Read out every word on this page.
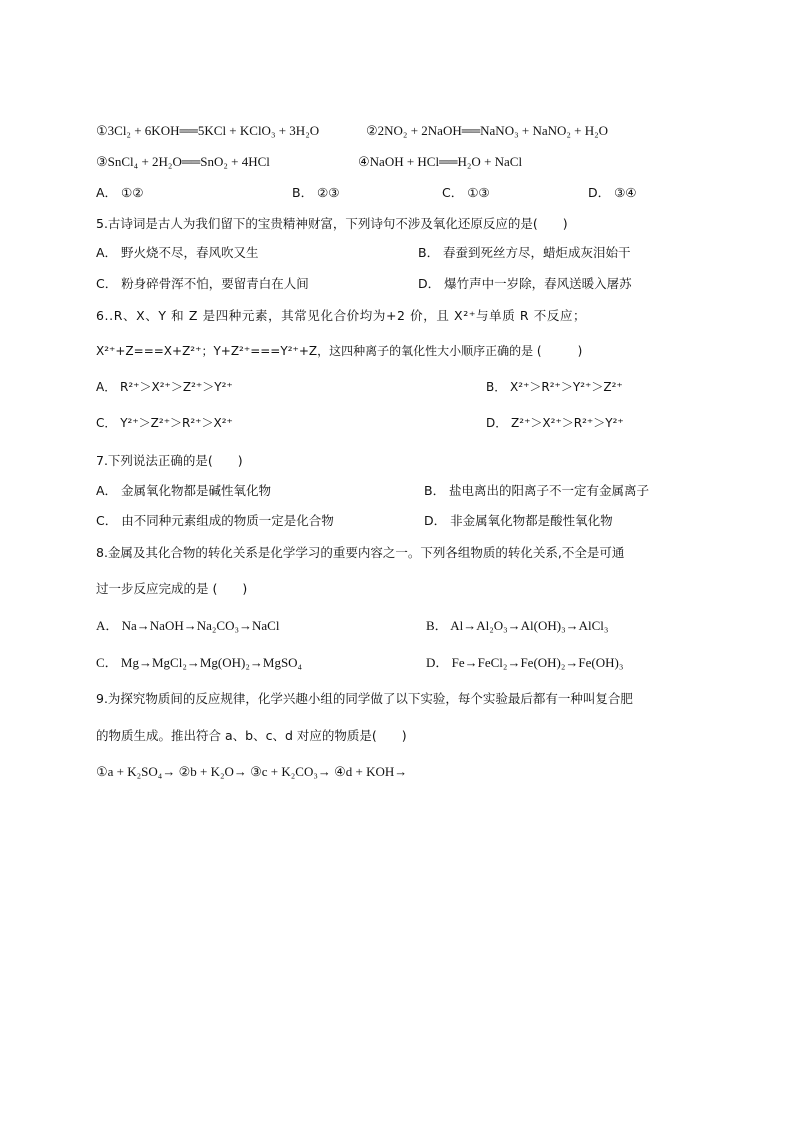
①3Cl₂ + 6KOH══5KCl + KClO₃ + 3H₂O	②2NO₂ + 2NaOH══NaNO₃ + NaNO₂ + H₂O
③SnCl₄ + 2H₂O══SnO₂ + 4HCl	④NaOH + HCl══H₂O + NaCl
A． ①②	B． ②③	C． ①③	D． ③④
5.古诗词是古人为我们留下的宝贵精神财富，下列诗句不涉及氧化还原反应的是(　　)
A． 野火烧不尽，春风吹又生	B． 春蚕到死丝方尽，蜡炬成灰泪始干
C． 粉身碎骨浑不怕，要留青白在人间	D． 爆竹声中一岁除，春风送暖入屠苏
6..R、X、Y 和 Z 是四种元素，其常见化合价均为+2 价，且 X²⁺与单质 R 不反应；
X²⁺+Z===X+Z²⁺；Y+Z²⁺===Y²⁺+Z，这四种离子的氧化性大小顺序正确的是 (　　　)
A． R²⁺＞X²⁺＞Z²⁺＞Y²⁺	B． X²⁺＞R²⁺＞Y²⁺＞Z²⁺
C． Y²⁺＞Z²⁺＞R²⁺＞X²⁺	D． Z²⁺＞X²⁺＞R²⁺＞Y²⁺
7.下列说法正确的是(　　)
A． 金属氧化物都是碱性氧化物	B． 盐电离出的阳离子不一定有金属离子
C． 由不同种元素组成的物质一定是化合物	D． 非金属氧化物都是酸性氧化物
8.金属及其化合物的转化关系是化学学习的重要内容之一。下列各组物质的转化关系,不全是可通
过一步反应完成的是 (　　)
A． Na→NaOH→Na₂CO₃→NaCl	B． Al→Al₂O₃→Al(OH)₃→AlCl₃
C． Mg→MgCl₂→Mg(OH)₂→MgSO₄	D． Fe→FeCl₂→Fe(OH)₂→Fe(OH)₃
9.为探究物质间的反应规律，化学兴趣小组的同学做了以下实验，每个实验最后都有一种叫复合肥
的物质生成。推出符合 a、b、c、d 对应的物质是(　　)
①a + K₂SO₄→ ②b + K₂O→ ③c + K₂CO₃→ ④d + KOH→
